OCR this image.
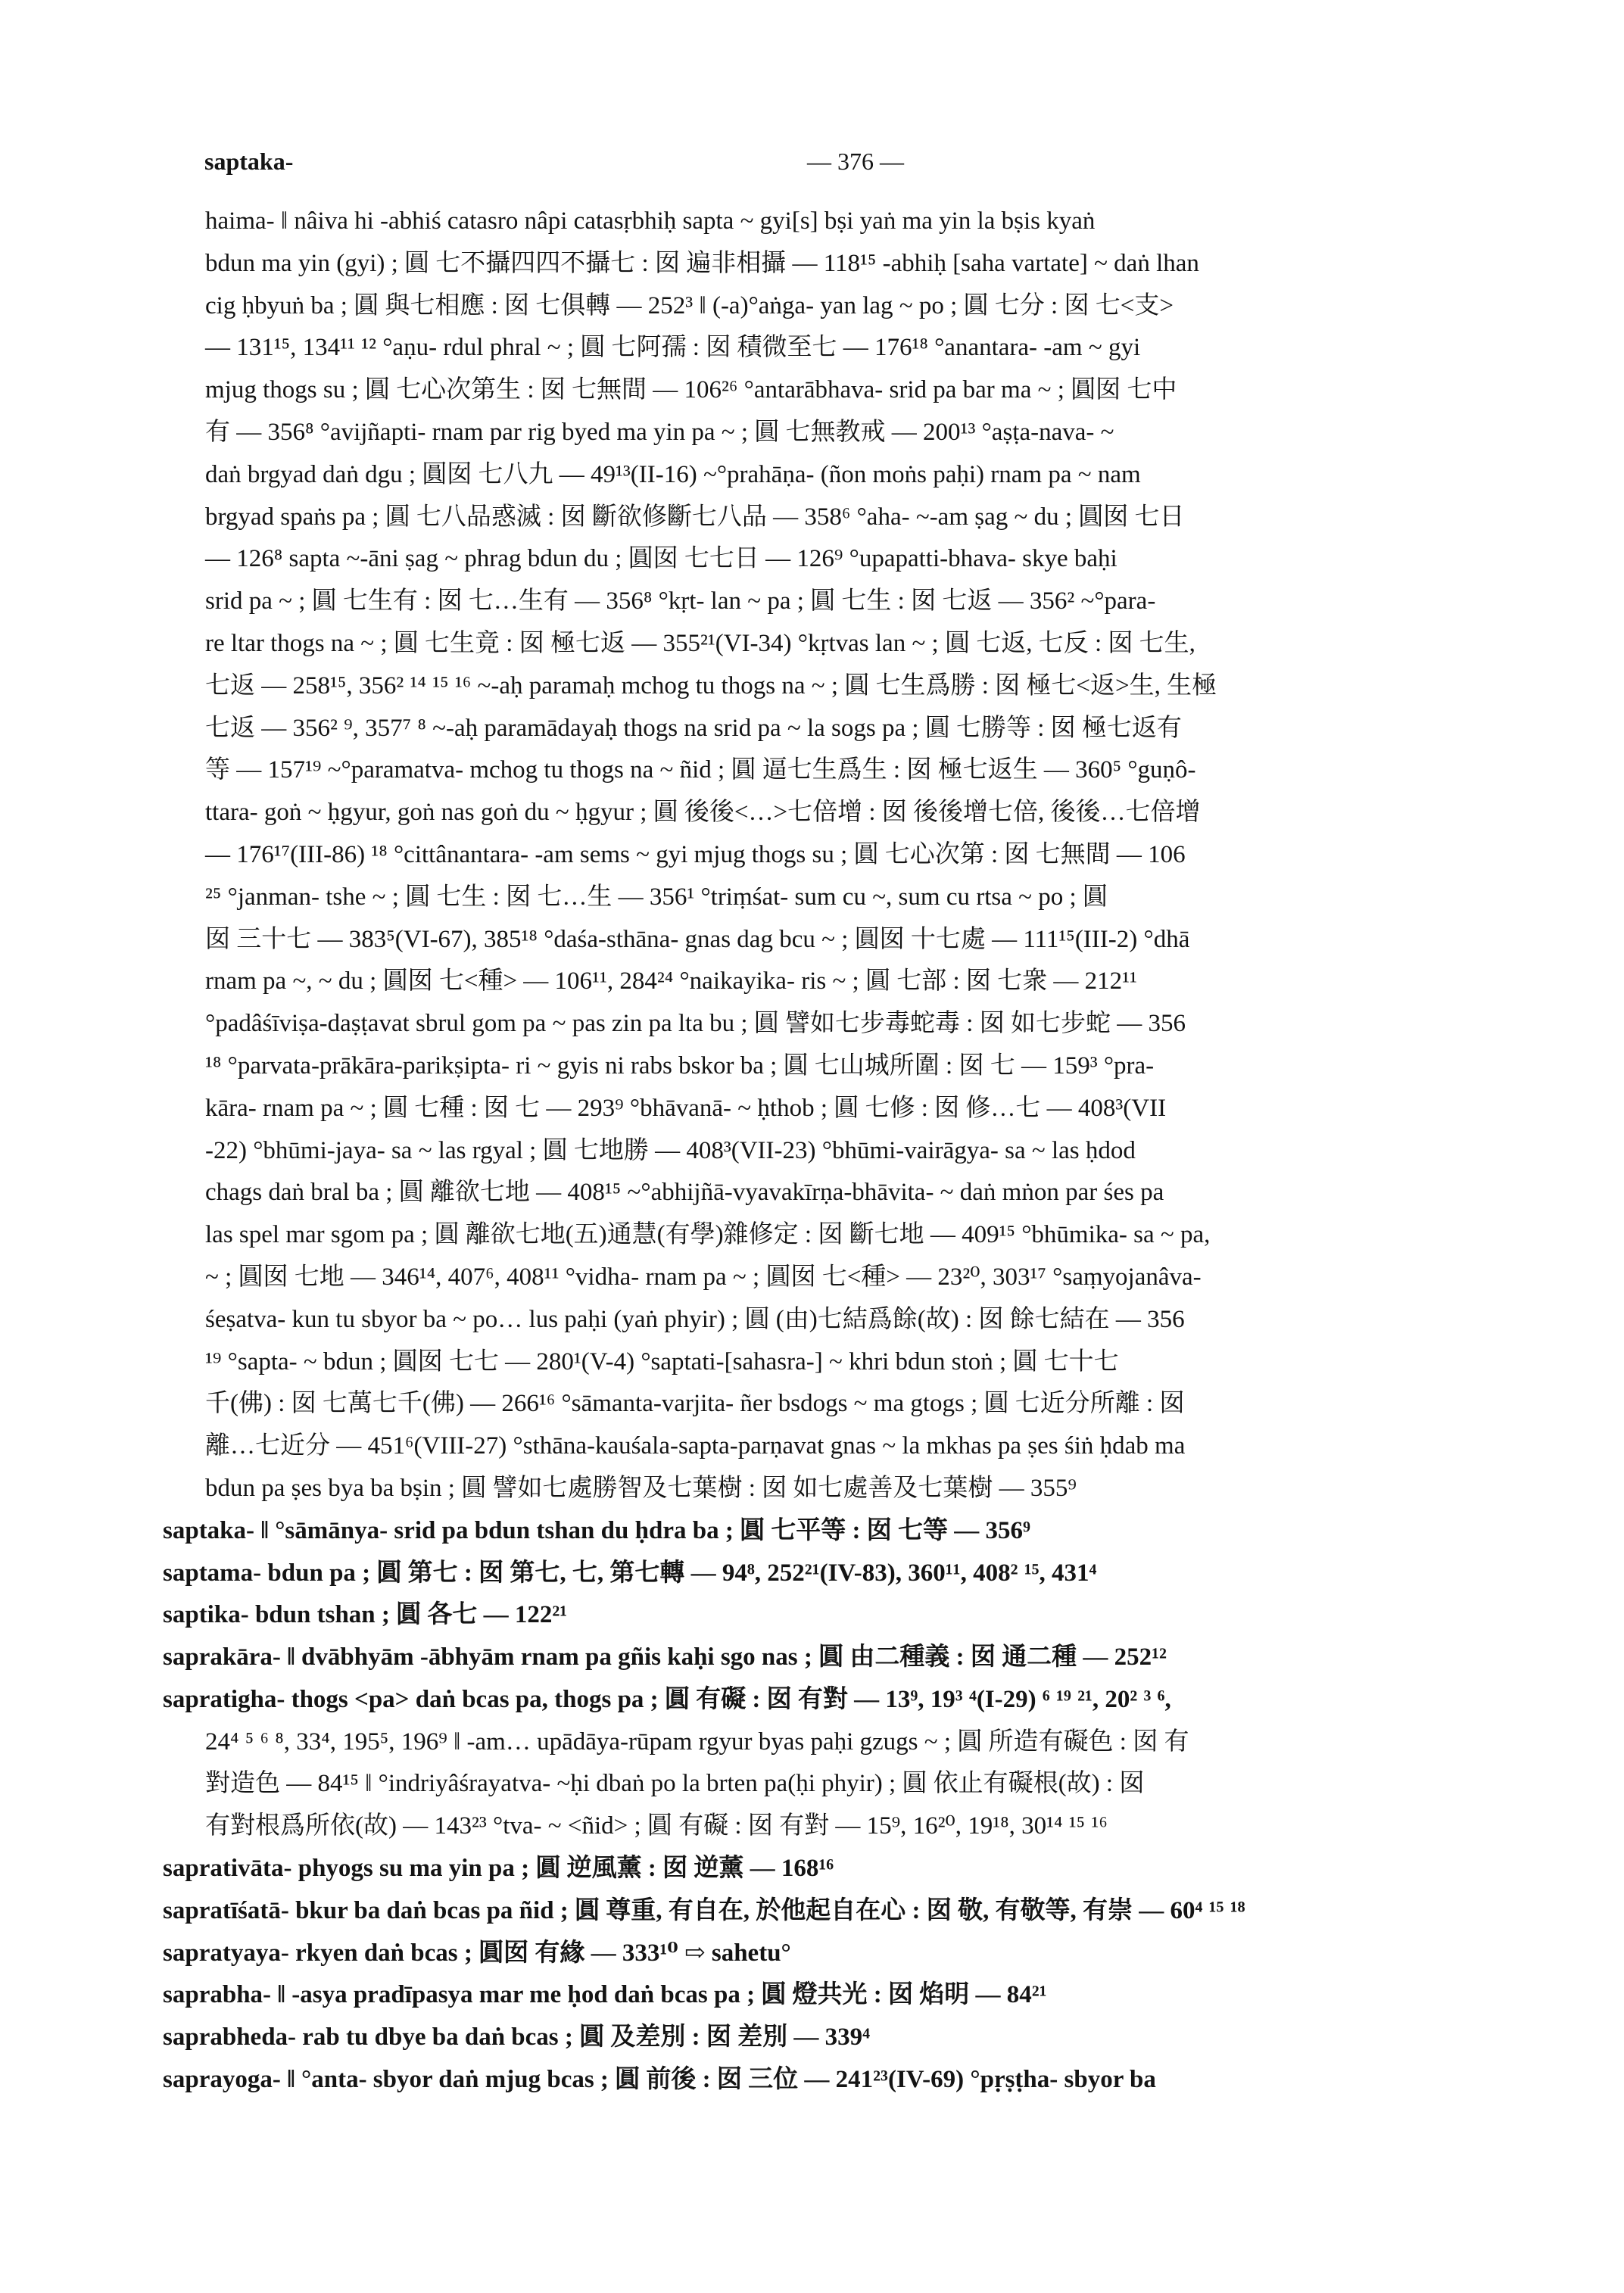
saptaka-	— 376 —

haima- ‖ nâiva hi -abhiś catasro nâpi catasṛbhiḥ sapta ~ gyi[s] bṣi yaṅ ma yin la bṣis kyaṅ

bdun ma yin (gyi) ; 圓 七不攝四四不攝七 : 囡 遍非相攝 — 118¹⁵ -abhiḥ [saha vartate] ~ daṅ lhan

cig ḥbyuṅ ba ; 圓 與七相應 : 囡 七俱轉 — 252³ ‖ (-a)°aṅga- yan lag ~ po ; 圓 七分 : 囡 七<支>

— 131¹⁵, 134¹¹ ¹² °aṇu- rdul phral ~ ; 圓 七阿孺 : 囡 積微至七 — 176¹⁸ °anantara- -am ~ gyi

mjug thogs su ; 圓 七心次第生 : 囡 七無間 — 106²⁶ °antarābhava- srid pa bar ma ~ ; 圓囡 七中

有 — 356⁸ °avijñapti- rnam par rig byed ma yin pa ~ ; 圓 七無教戒 — 200¹³ °aṣṭa-nava- ~

daṅ brgyad daṅ dgu ; 圓囡 七八九 — 49¹³(II-16) ~°prahāṇa- (ñon moṅs paḥi) rnam pa ~ nam

brgyad spaṅs pa ; 圓 七八品惑滅 : 囡 斷欲修斷七八品 — 358⁶ °aha- ~-am ṣag ~ du ; 圓囡 七日

— 126⁸ sapta ~-āni ṣag ~ phrag bdun du ; 圓囡 七七日 — 126⁹ °upapatti-bhava- skye baḥi

srid pa ~ ; 圓 七生有 : 囡 七…生有 — 356⁸ °kṛt- lan ~ pa ; 圓 七生 : 囡 七返 — 356² ~°para-

re ltar thogs na ~ ; 圓 七生竟 : 囡 極七返 — 355²¹(VI-34) °kṛtvas lan ~ ; 圓 七返, 七反 : 囡 七生,

七返 — 258¹⁵, 356² ¹⁴ ¹⁵ ¹⁶ ~-aḥ paramaḥ mchog tu thogs na ~ ; 圓 七生爲勝 : 囡 極七<返>生, 生極

七返 — 356² ⁹, 357⁷ ⁸ ~-aḥ paramādayaḥ thogs na srid pa ~ la sogs pa ; 圓 七勝等 : 囡 極七返有

等 — 157¹⁹ ~°paramatva- mchog tu thogs na ~ ñid ; 圓 逼七生爲生 : 囡 極七返生 — 360⁵ °guṇô-

ttara- goṅ ~ ḥgyur, goṅ nas goṅ du ~ ḥgyur ; 圓 後後<…>七倍增 : 囡 後後增七倍, 後後…七倍增

— 176¹⁷(III-86) ¹⁸ °cittânantara- -am sems ~ gyi mjug thogs su ; 圓 七心次第 : 囡 七無間 — 106

²⁵ °janman- tshe ~ ; 圓 七生 : 囡 七…生 — 356¹ °triṃśat- sum cu ~, sum cu rtsa ~ po ; 圓

囡 三十七 — 383⁵(VI-67), 385¹⁸ °daśa-sthāna- gnas dag bcu ~ ; 圓囡 十七處 — 111¹⁵(III-2) °dhā

rnam pa ~, ~ du ; 圓囡 七<種> — 106¹¹, 284²⁴ °naikayika- ris ~ ; 圓 七部 : 囡 七衆 — 212¹¹

°padâśīviṣa-daṣṭavat sbrul gom pa ~ pas zin pa lta bu ; 圓 譬如七步毒蛇毒 : 囡 如七步蛇 — 356

¹⁸ °parvata-prākāra-parikṣipta- ri ~ gyis ni rabs bskor ba ; 圓 七山城所圍 : 囡 七 — 159³ °pra-

kāra- rnam pa ~ ; 圓 七種 : 囡 七 — 293⁹ °bhāvanā- ~ ḥthob ; 圓 七修 : 囡 修…七 — 408³(VII

-22) °bhūmi-jaya- sa ~ las rgyal ; 圓 七地勝 — 408³(VII-23) °bhūmi-vairāgya- sa ~ las ḥdod

chags daṅ bral ba ; 圓 離欲七地 — 408¹⁵ ~°abhijñā-vyavakīrṇa-bhāvita- ~ daṅ mṅon par śes pa

las spel mar sgom pa ; 圓 離欲七地(五)通慧(有學)雜修定 : 囡 斷七地 — 409¹⁵ °bhūmika- sa ~ pa,

~ ; 圓囡 七地 — 346¹⁴, 407⁶, 408¹¹ °vidha- rnam pa ~ ; 圓囡 七<種> — 23²⁰, 303¹⁷ °saṃyojanâva-

śeṣatva- kun tu sbyor ba ~ po… lus paḥi (yaṅ phyir) ; 圓 (由)七結爲餘(故) : 囡 餘七結在 — 356

¹⁹ °sapta- ~ bdun ; 圓囡 七七 — 280¹(V-4) °saptati-[sahasra-] ~ khri bdun stoṅ ; 圓 七十七

千(佛) : 囡 七萬七千(佛) — 266¹⁶ °sāmanta-varjita- ñer bsdogs ~ ma gtogs ; 圓 七近分所離 : 囡

離…七近分 — 451⁶(VIII-27) °sthāna-kauśala-sapta-parṇavat gnas ~ la mkhas pa ṣes śiṅ ḥdab ma

bdun pa ṣes bya ba bṣin ; 圓 譬如七處勝智及七葉樹 : 囡 如七處善及七葉樹 — 355⁹

saptaka- ‖ °sāmānya- srid pa bdun tshan du ḥdra ba ; 圓 七平等 : 囡 七等 — 356⁹

saptama- bdun pa ; 圓 第七 : 囡 第七, 七, 第七轉 — 94⁸, 252²¹(IV-83), 360¹¹, 408² ¹⁵, 431⁴

saptika- bdun tshan ; 圓 各七 — 122²¹

saprakāra- ‖ dvābhyām -ābhyām rnam pa gñis kaḥi sgo nas ; 圓 由二種義 : 囡 通二種 — 252¹²

sapratigha- thogs <pa> daṅ bcas pa, thogs pa ; 圓 有礙 : 囡 有對 — 13⁹, 19³ ⁴(I-29) ⁶ ¹⁹ ²¹, 20² ³ ⁶,

24⁴ ⁵ ⁶ ⁸, 33⁴, 195⁵, 196⁹ ‖ -am… upādāya-rūpam rgyur byas paḥi gzugs ~ ; 圓 所造有礙色 : 囡 有

對造色 — 84¹⁵ ‖ °indriyâśrayatva- ~ḥi dbaṅ po la brten pa(ḥi phyir) ; 圓 依止有礙根(故) : 囡

有對根爲所依(故) — 143²³ °tva- ~ <ñid> ; 圓 有礙 : 囡 有對 — 15⁹, 16²⁰, 19¹⁸, 30¹⁴ ¹⁵ ¹⁶

saprativāta- phyogs su ma yin pa ; 圓 逆風薰 : 囡 逆薰 — 168¹⁶

sapratīśatā- bkur ba daṅ bcas pa ñid ; 圓 尊重, 有自在, 於他起自在心 : 囡 敬, 有敬等, 有崇 — 60⁴ ¹⁵ ¹⁸

sapratyaya- rkyen daṅ bcas ; 圓囡 有緣 — 333¹⁰ ⇨ sahetu°

saprabha- ‖ -asya pradīpasya mar me ḥod daṅ bcas pa ; 圓 燈共光 : 囡 焰明 — 84²¹

saprabheda- rab tu dbye ba daṅ bcas ; 圓 及差別 : 囡 差別 — 339⁴

saprayoga- ‖ °anta- sbyor daṅ mjug bcas ; 圓 前後 : 囡 三位 — 241²³(IV-69) °pṛṣṭha- sbyor ba
